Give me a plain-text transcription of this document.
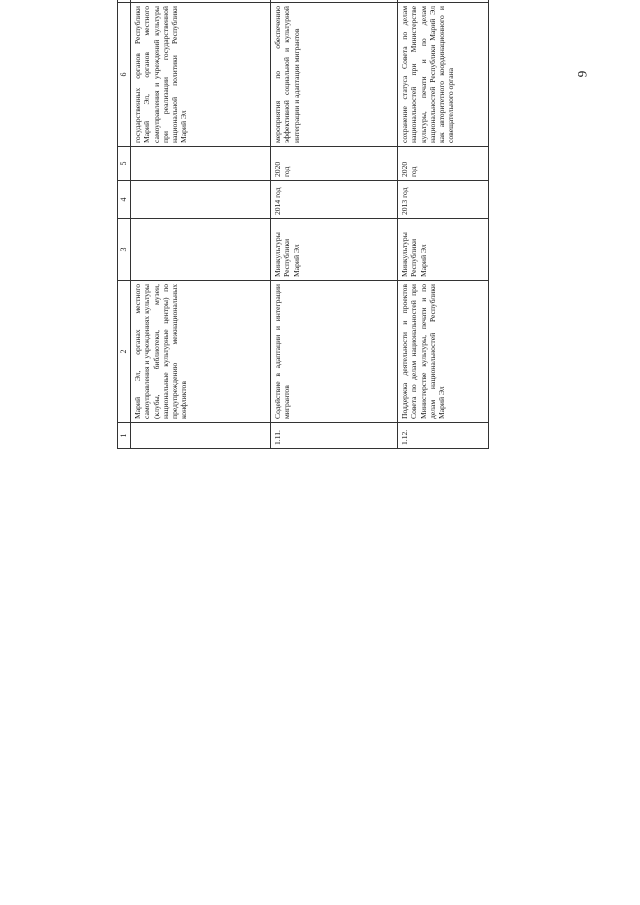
9
1	2	3	4	5	6		
	Марий Эл, органах местного самоуправления и учреждениях культуры (клубы, библиотеки, музеи, национальные культурные центры) по предупреждению межнациональных конфликтов				государственных органов Республики Марий Эл, органов местного самоуправления и учреждений культуры при реализации государственной национальной политики Республики Марий Эл		
1.11.	Содействие в адаптации и интеграции мигрантов	Минкультуры Республики Марий Эл	2014 год	2020 год	мероприятия по обеспечению эффективной социальной и культурной интеграции и адаптации мигрантов		
1.12.	Поддержка деятельности и проектов Совета по делам национальностей при Министерстве культуры, печати и по делам национальностей Республики Марий Эл	Минкультуры Республики Марий Эл	2013 год	2020 год	сохранение статуса Совета по делам национальностей при Министерстве культуры, печати и по делам национальностей Республики Марий Эл как авторитетного координационного и совещательного органа		
